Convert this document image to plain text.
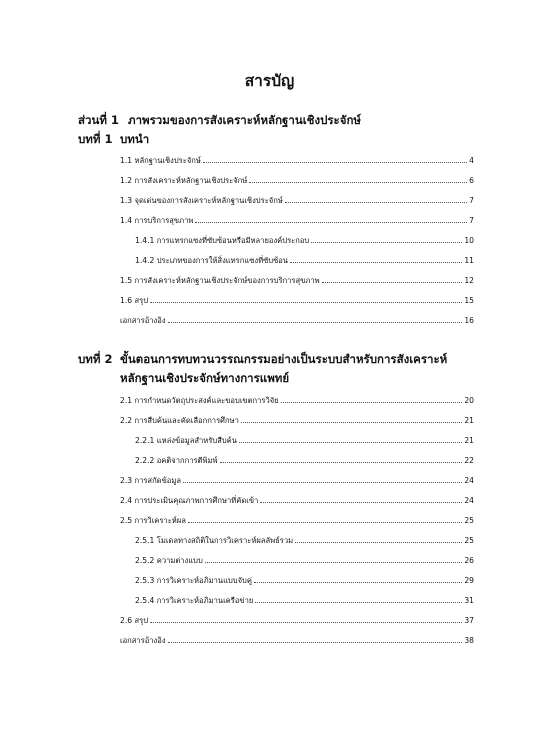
สารบัญ
ส่วนที่ 1 ภาพรวมของการสังเคราะห์หลักฐานเชิงประจักษ์
บทที่ 1 บทนำ
1.1 หลักฐานเชิงประจักษ์	4
1.2 การสังเคราะห์หลักฐานเชิงประจักษ์	6
1.3 จุดเด่นของการสังเคราะห์หลักฐานเชิงประจักษ์	7
1.4 การบริการสุขภาพ	7
1.4.1 การแทรกแซงที่ซับซ้อนหรือมีหลายองค์ประกอบ	10
1.4.2 ประเภทของการให้สิ่งแทรกแซงที่ซับซ้อน	11
1.5 การสังเคราะห์หลักฐานเชิงประจักษ์ของการบริการสุขภาพ	12
1.6 สรุป	15
เอกสารอ้างอิง	16
บทที่ 2 ขั้นตอนการทบทวนวรรณกรรมอย่างเป็นระบบสำหรับการสังเคราะห์
หลักฐานเชิงประจักษ์ทางการแพทย์
2.1 การกำหนดวัตถุประสงค์และขอบเขตการวิจัย	20
2.2 การสืบค้นและคัดเลือกการศึกษา	21
2.2.1 แหล่งข้อมูลสำหรับสืบค้น	21
2.2.2 อคติจากการตีพิมพ์	22
2.3 การสกัดข้อมูล	24
2.4 การประเมินคุณภาพการศึกษาที่คัดเข้า	24
2.5 การวิเคราะห์ผล	25
2.5.1 โมเดลทางสถิติในการวิเคราะห์ผลลัพธ์รวม	25
2.5.2 ความต่างแบบ	26
2.5.3 การวิเคราะห์อภิมานแบบจับคู่	29
2.5.4 การวิเคราะห์อภิมานเครือข่าย	31
2.6 สรุป	37
เอกสารอ้างอิง	38
